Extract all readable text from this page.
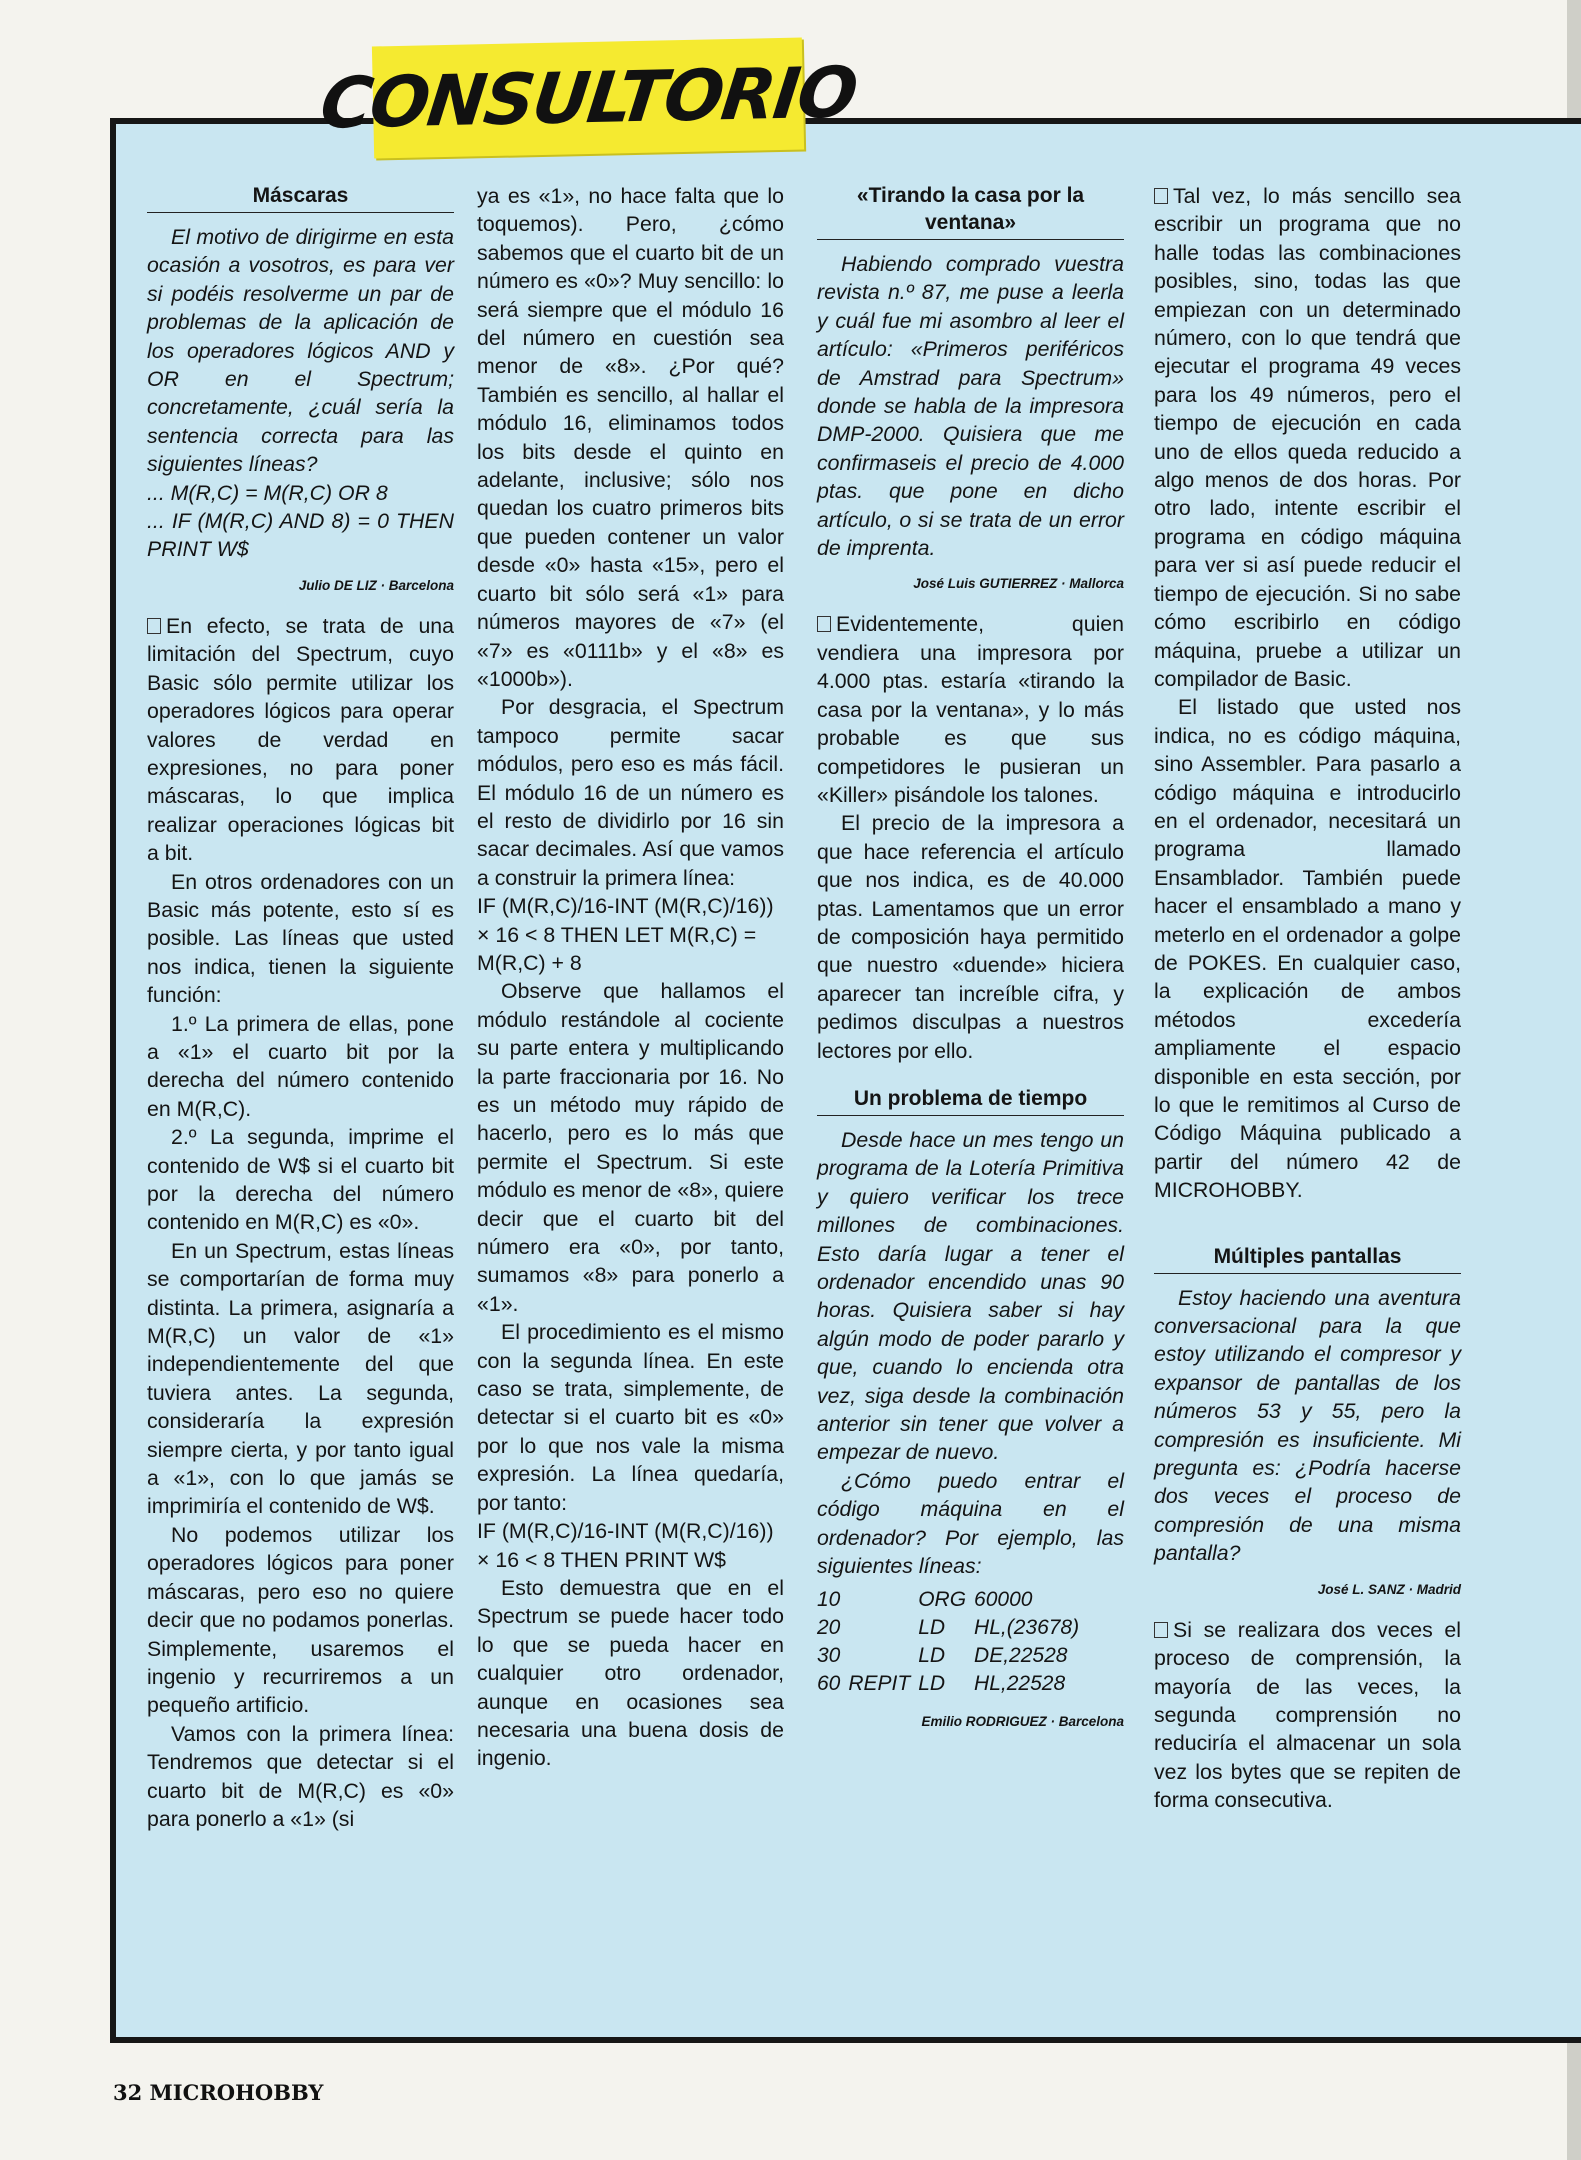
CONSULTORIO
Máscaras

El motivo de dirigirme en esta ocasión a vosotros, es para ver si podéis resolverme un par de problemas de la aplicación de los operadores lógicos AND y OR en el Spectrum; concretamente, ¿cuál sería la sentencia correcta para las siguientes líneas?

... M(R,C) = M(R,C) OR 8

... IF (M(R,C) AND 8) = 0 THEN PRINT W$

Julio DE LIZ · Barcelona

En efecto, se trata de una limitación del Spectrum, cuyo Basic sólo permite utilizar los operadores lógicos para operar valores de verdad en expresiones, no para poner máscaras, lo que implica realizar operaciones lógicas bit a bit.

En otros ordenadores con un Basic más potente, esto sí es posible. Las líneas que usted nos indica, tienen la siguiente función:

1.º La primera de ellas, pone a «1» el cuarto bit por la derecha del número contenido en M(R,C).

2.º La segunda, imprime el contenido de W$ si el cuarto bit por la derecha del número contenido en M(R,C) es «0».

En un Spectrum, estas líneas se comportarían de forma muy distinta. La primera, asignaría a M(R,C) un valor de «1» independientemente del que tuviera antes. La segunda, consideraría la expresión siempre cierta, y por tanto igual a «1», con lo que jamás se imprimiría el contenido de W$.

No podemos utilizar los operadores lógicos para poner máscaras, pero eso no quiere decir que no podamos ponerlas. Simplemente, usaremos el ingenio y recurriremos a un pequeño artificio.

Vamos con la primera línea: Tendremos que detectar si el cuarto bit de M(R,C) es «0» para ponerlo a «1» (si

ya es «1», no hace falta que lo toquemos). Pero, ¿cómo sabemos que el cuarto bit de un número es «0»? Muy sencillo: lo será siempre que el módulo 16 del número en cuestión sea menor de «8». ¿Por qué? También es sencillo, al hallar el módulo 16, eliminamos todos los bits desde el quinto en adelante, inclusive; sólo nos quedan los cuatro primeros bits que pueden contener un valor desde «0» hasta «15», pero el cuarto bit sólo será «1» para números mayores de «7» (el «7» es «0111b» y el «8» es «1000b»).

Por desgracia, el Spectrum tampoco permite sacar módulos, pero eso es más fácil. El módulo 16 de un número es el resto de dividirlo por 16 sin sacar decimales. Así que vamos a construir la primera línea:

IF (M(R,C)/16-INT (M(R,C)/16)) × 16 < 8 THEN LET M(R,C) = M(R,C) + 8

Observe que hallamos el módulo restándole al cociente su parte entera y multiplicando la parte fraccionaria por 16. No es un método muy rápido de hacerlo, pero es lo más que permite el Spectrum. Si este módulo es menor de «8», quiere decir que el cuarto bit del número era «0», por tanto, sumamos «8» para ponerlo a «1».

El procedimiento es el mismo con la segunda línea. En este caso se trata, simplemente, de detectar si el cuarto bit es «0» por lo que nos vale la misma expresión. La línea quedaría, por tanto:

IF (M(R,C)/16-INT (M(R,C)/16)) × 16 < 8 THEN PRINT W$

Esto demuestra que en el Spectrum se puede hacer todo lo que se pueda hacer en cualquier otro ordenador, aunque en ocasiones sea necesaria una buena dosis de ingenio.

«Tirando la casa por la ventana»

Habiendo comprado vuestra revista n.º 87, me puse a leerla y cuál fue mi asombro al leer el artículo: «Primeros periféricos de Amstrad para Spectrum» donde se habla de la impresora DMP-2000. Quisiera que me confirmaseis el precio de 4.000 ptas. que pone en dicho artículo, o si se trata de un error de imprenta.

José Luis GUTIERREZ · Mallorca

Evidentemente, quien vendiera una impresora por 4.000 ptas. estaría «tirando la casa por la ventana», y lo más probable es que sus competidores le pusieran un «Killer» pisándole los talones.

El precio de la impresora a que hace referencia el artículo que nos indica, es de 40.000 ptas. Lamentamos que un error de composición haya permitido que nuestro «duende» hiciera aparecer tan increíble cifra, y pedimos disculpas a nuestros lectores por ello.

Un problema de tiempo

Desde hace un mes tengo un programa de la Lotería Primitiva y quiero verificar los trece millones de combinaciones. Esto daría lugar a tener el ordenador encendido unas 90 horas. Quisiera saber si hay algún modo de poder pararlo y que, cuando lo encienda otra vez, siga desde la combinación anterior sin tener que volver a empezar de nuevo.

¿Cómo puedo entrar el código máquina en el ordenador? Por ejemplo, las siguientes líneas:

10		ORG	60000
20		LD	HL,(23678)
30		LD	DE,22528
60	REPIT	LD	HL,22528
Emilio RODRIGUEZ · Barcelona

Tal vez, lo más sencillo sea escribir un programa que no halle todas las combinaciones posibles, sino, todas las que empiezan con un determinado número, con lo que tendrá que ejecutar el programa 49 veces para los 49 números, pero el tiempo de ejecución en cada uno de ellos queda reducido a algo menos de dos horas. Por otro lado, intente escribir el programa en código máquina para ver si así puede reducir el tiempo de ejecución. Si no sabe cómo escribirlo en código máquina, pruebe a utilizar un compilador de Basic.

El listado que usted nos indica, no es código máquina, sino Assembler. Para pasarlo a código máquina e introducirlo en el ordenador, necesitará un programa llamado Ensamblador. También puede hacer el ensamblado a mano y meterlo en el ordenador a golpe de POKES. En cualquier caso, la explicación de ambos métodos excedería ampliamente el espacio disponible en esta sección, por lo que le remitimos al Curso de Código Máquina publicado a partir del número 42 de MICROHOBBY.

Múltiples pantallas

Estoy haciendo una aventura conversacional para la que estoy utilizando el compresor y expansor de pantallas de los números 53 y 55, pero la compresión es insuficiente. Mi pregunta es: ¿Podría hacerse dos veces el proceso de compresión de una misma pantalla?

José L. SANZ · Madrid

Si se realizara dos veces el proceso de comprensión, la mayoría de las veces, la segunda comprensión no reduciría el almacenar un sola vez los bytes que se repiten de forma consecutiva.

32 MICROHOBBY
